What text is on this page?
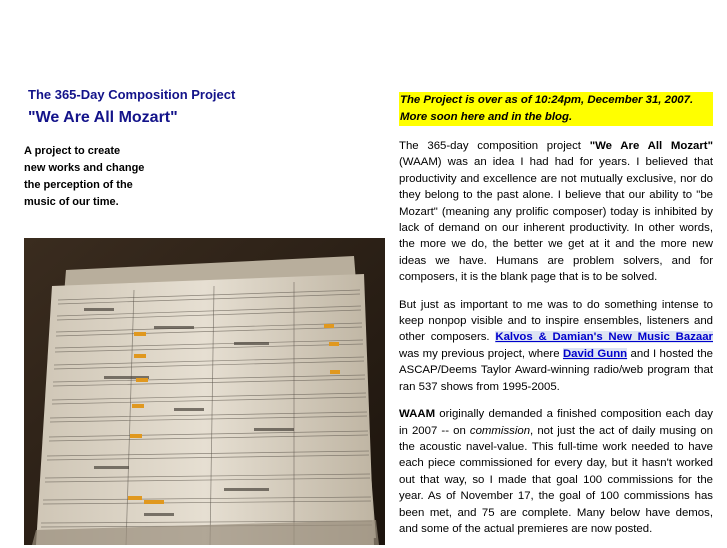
The 365-Day Composition Project
"We Are All Mozart"
A project to create
new works and change
the perception of the
music of our time.
The Project is over as of 10:24pm, December 31, 2007.
More soon here and in the blog.

The 365-day composition project "We Are All Mozart" (WAAM) was an idea I had had for years. I believed that productivity and excellence are not mutually exclusive, nor do they belong to the past alone. I believe that our ability to "be Mozart" (meaning any prolific composer) today is inhibited by lack of demand on our inherent productivity. In other words, the more we do, the better we get at it and the more new ideas we have. Humans are problem solvers, and for composers, it is the blank page that is to be solved.

But just as important to me was to do something intense to keep nonpop visible and to inspire ensembles, listeners and other composers. Kalvos & Damian's New Music Bazaar was my previous project, where David Gunn and I hosted the ASCAP/Deems Taylor Award-winning radio/web program that ran 537 shows from 1995-2005.

WAAM originally demanded a finished composition each day in 2007 -- on commission, not just the act of daily musing on the acoustic navel-value. This full-time work needed to have each piece commissioned for every day, but it hasn't worked out that way, so I made that goal 100 commissions for the year. As of November 17, the goal of 100 commissions has been met, and 75 are complete. Many below have demos, and some of the actual premieres are now posted.
